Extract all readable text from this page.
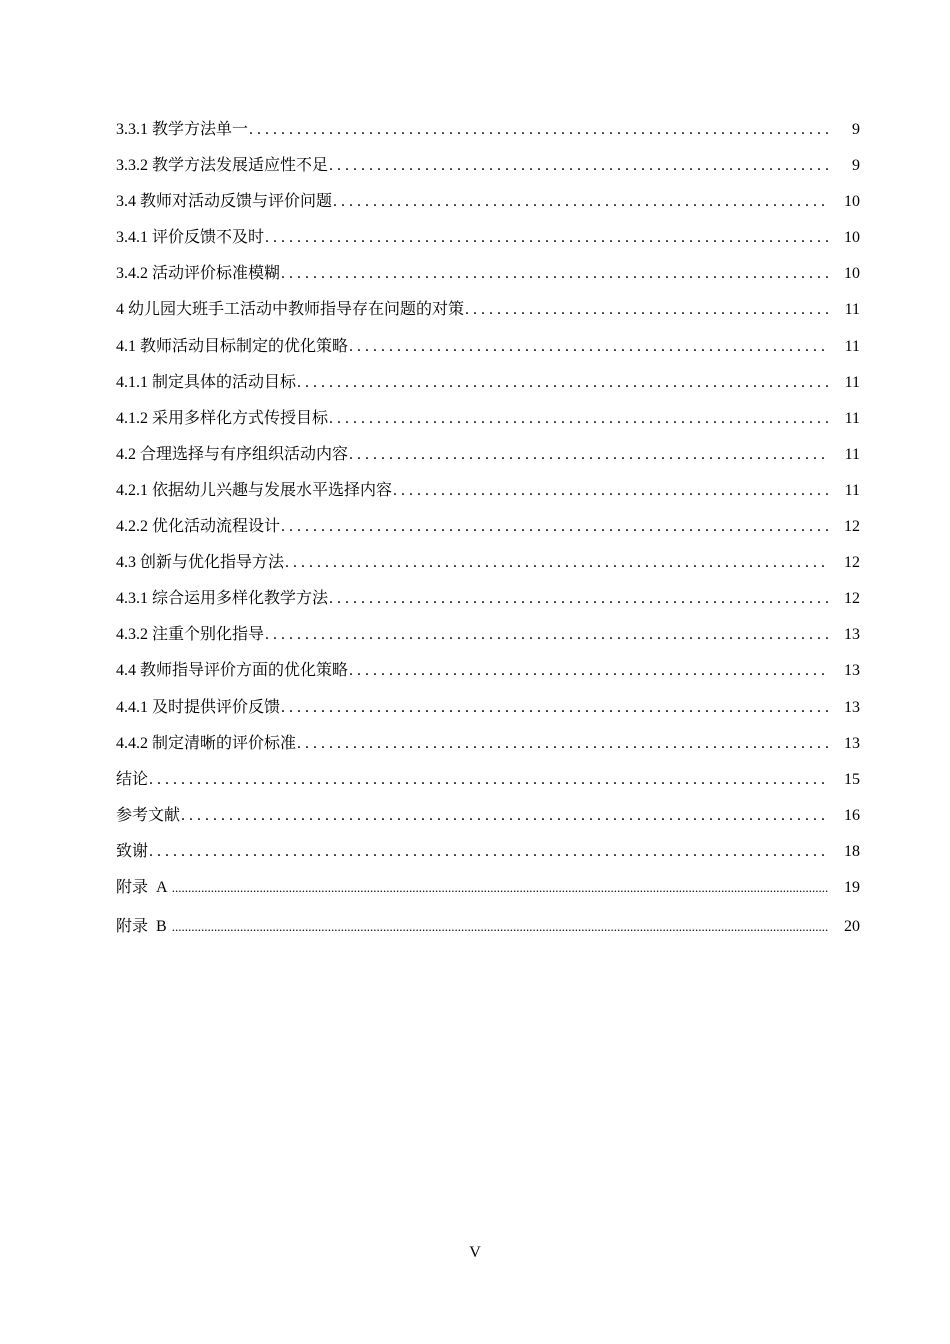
3.3.1 教学方法单一 . . .	9
3.3.2 教学方法发展适应性不足 . . .	9
3.4 教师对活动反馈与评价问题 . . .	10
3.4.1 评价反馈不及时 . . .	10
3.4.2 活动评价标准模糊 . . .	10
4 幼儿园大班手工活动中教师指导存在问题的对策 . . .	11
4.1 教师活动目标制定的优化策略 . . .	11
4.1.1 制定具体的活动目标 . . .	11
4.1.2 采用多样化方式传授目标 . . .	11
4.2 合理选择与有序组织活动内容 . . .	11
4.2.1 依据幼儿兴趣与发展水平选择内容 . . .	11
4.2.2 优化活动流程设计 . . .	12
4.3 创新与优化指导方法 . . .	12
4.3.1 综合运用多样化教学方法 . . .	12
4.3.2 注重个别化指导 . . .	13
4.4 教师指导评价方面的优化策略 . . .	13
4.4.1 及时提供评价反馈 . . .	13
4.4.2 制定清晰的评价标准 . . .	13
结论 . . .	15
参考文献 . . .	16
致谢 . . .	18
附录  A .....	19
附录  B .....	20
V
